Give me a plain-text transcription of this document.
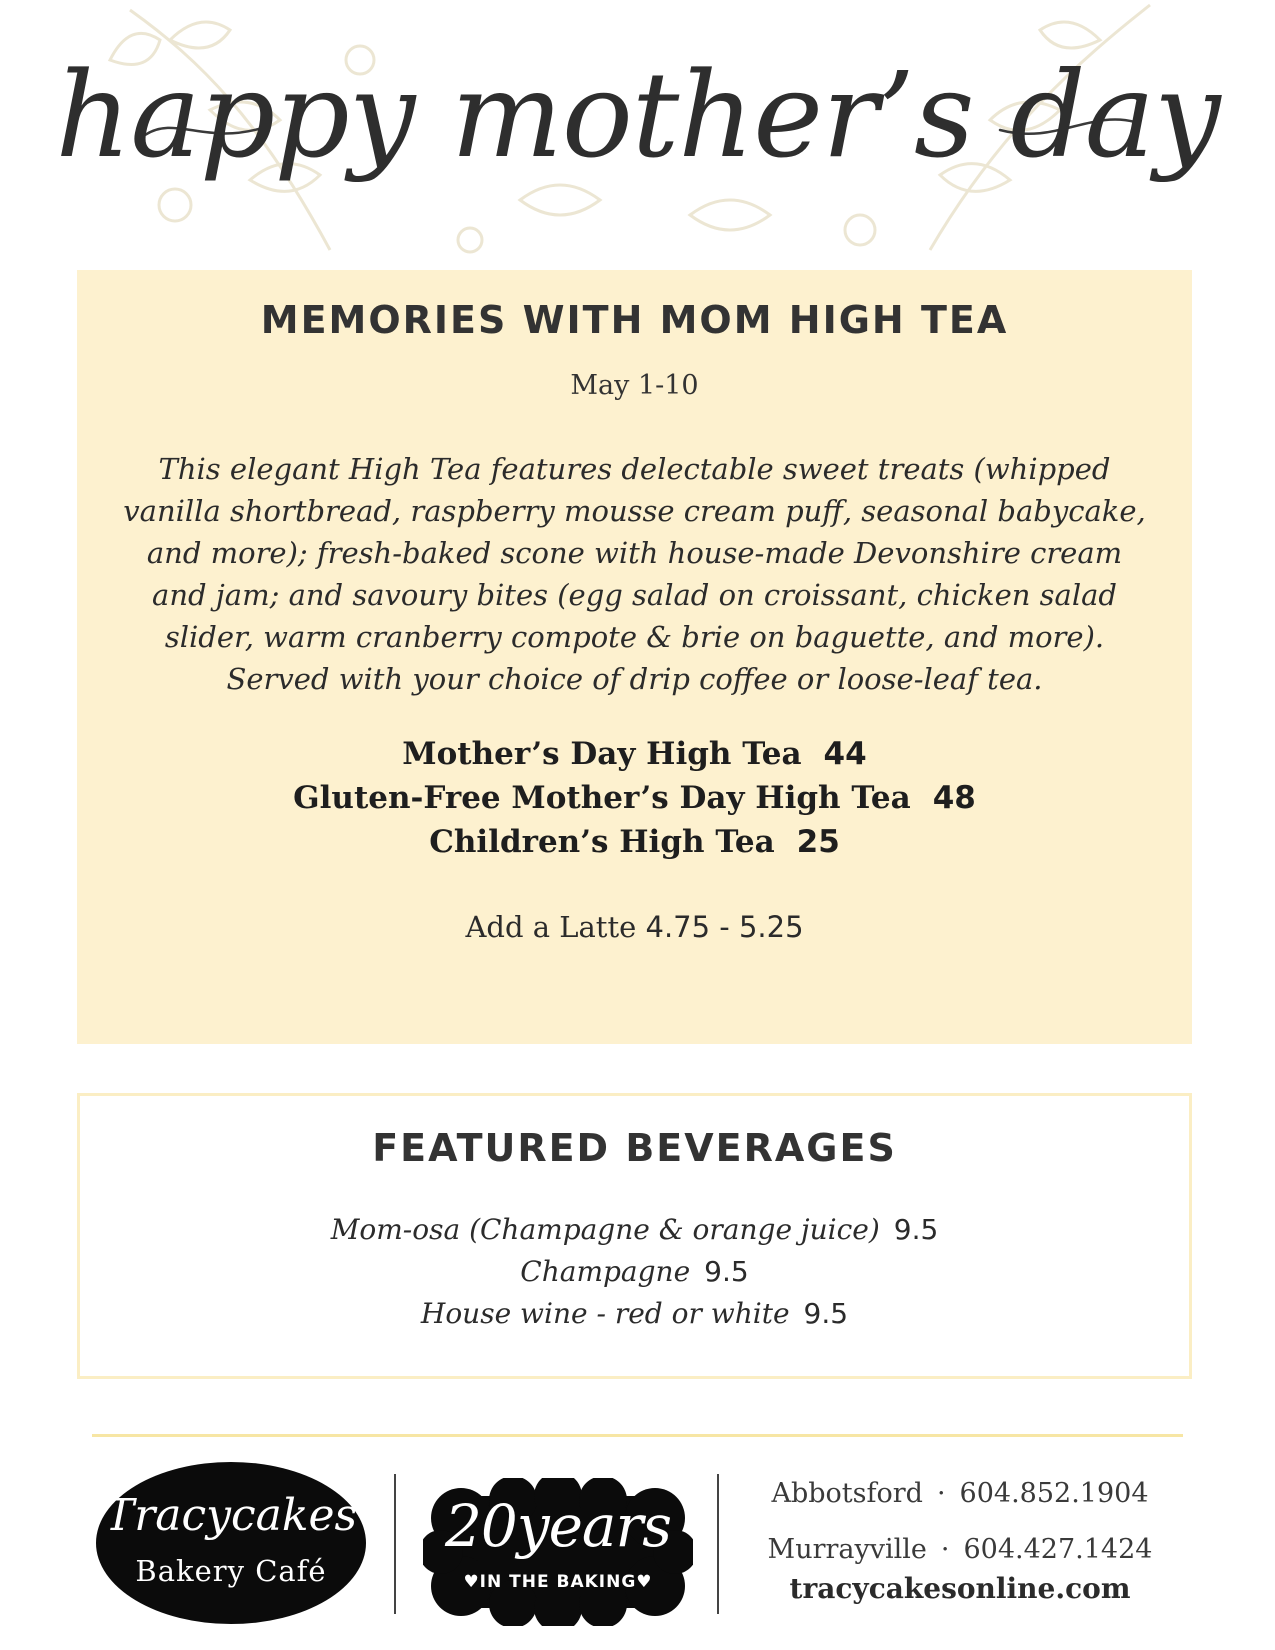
happy mother’s day
MEMORIES WITH MOM HIGH TEA
May 1-10

This elegant High Tea features delectable sweet treats (whipped vanilla shortbread, raspberry mousse cream puff, seasonal babycake, and more); fresh-baked scone with house-made Devonshire cream and jam; and savoury bites (egg salad on croissant, chicken salad slider, warm cranberry compote & brie on baguette, and more). Served with your choice of drip coffee or loose-leaf tea.

Mother’s Day High Tea 44
Gluten-Free Mother’s Day High Tea 48
Children’s High Tea 25
Add a Latte 4.75 - 5.25
FEATURED BEVERAGES
Mom-osa (Champagne & orange juice) 9.5
Champagne 9.5
House wine - red or white 9.5
Tracycakes
Bakery Café
20years
♥IN THE BAKING♥
Abbotsford · 604.852.1904
Murrayville · 604.427.1424
tracycakesonline.com
